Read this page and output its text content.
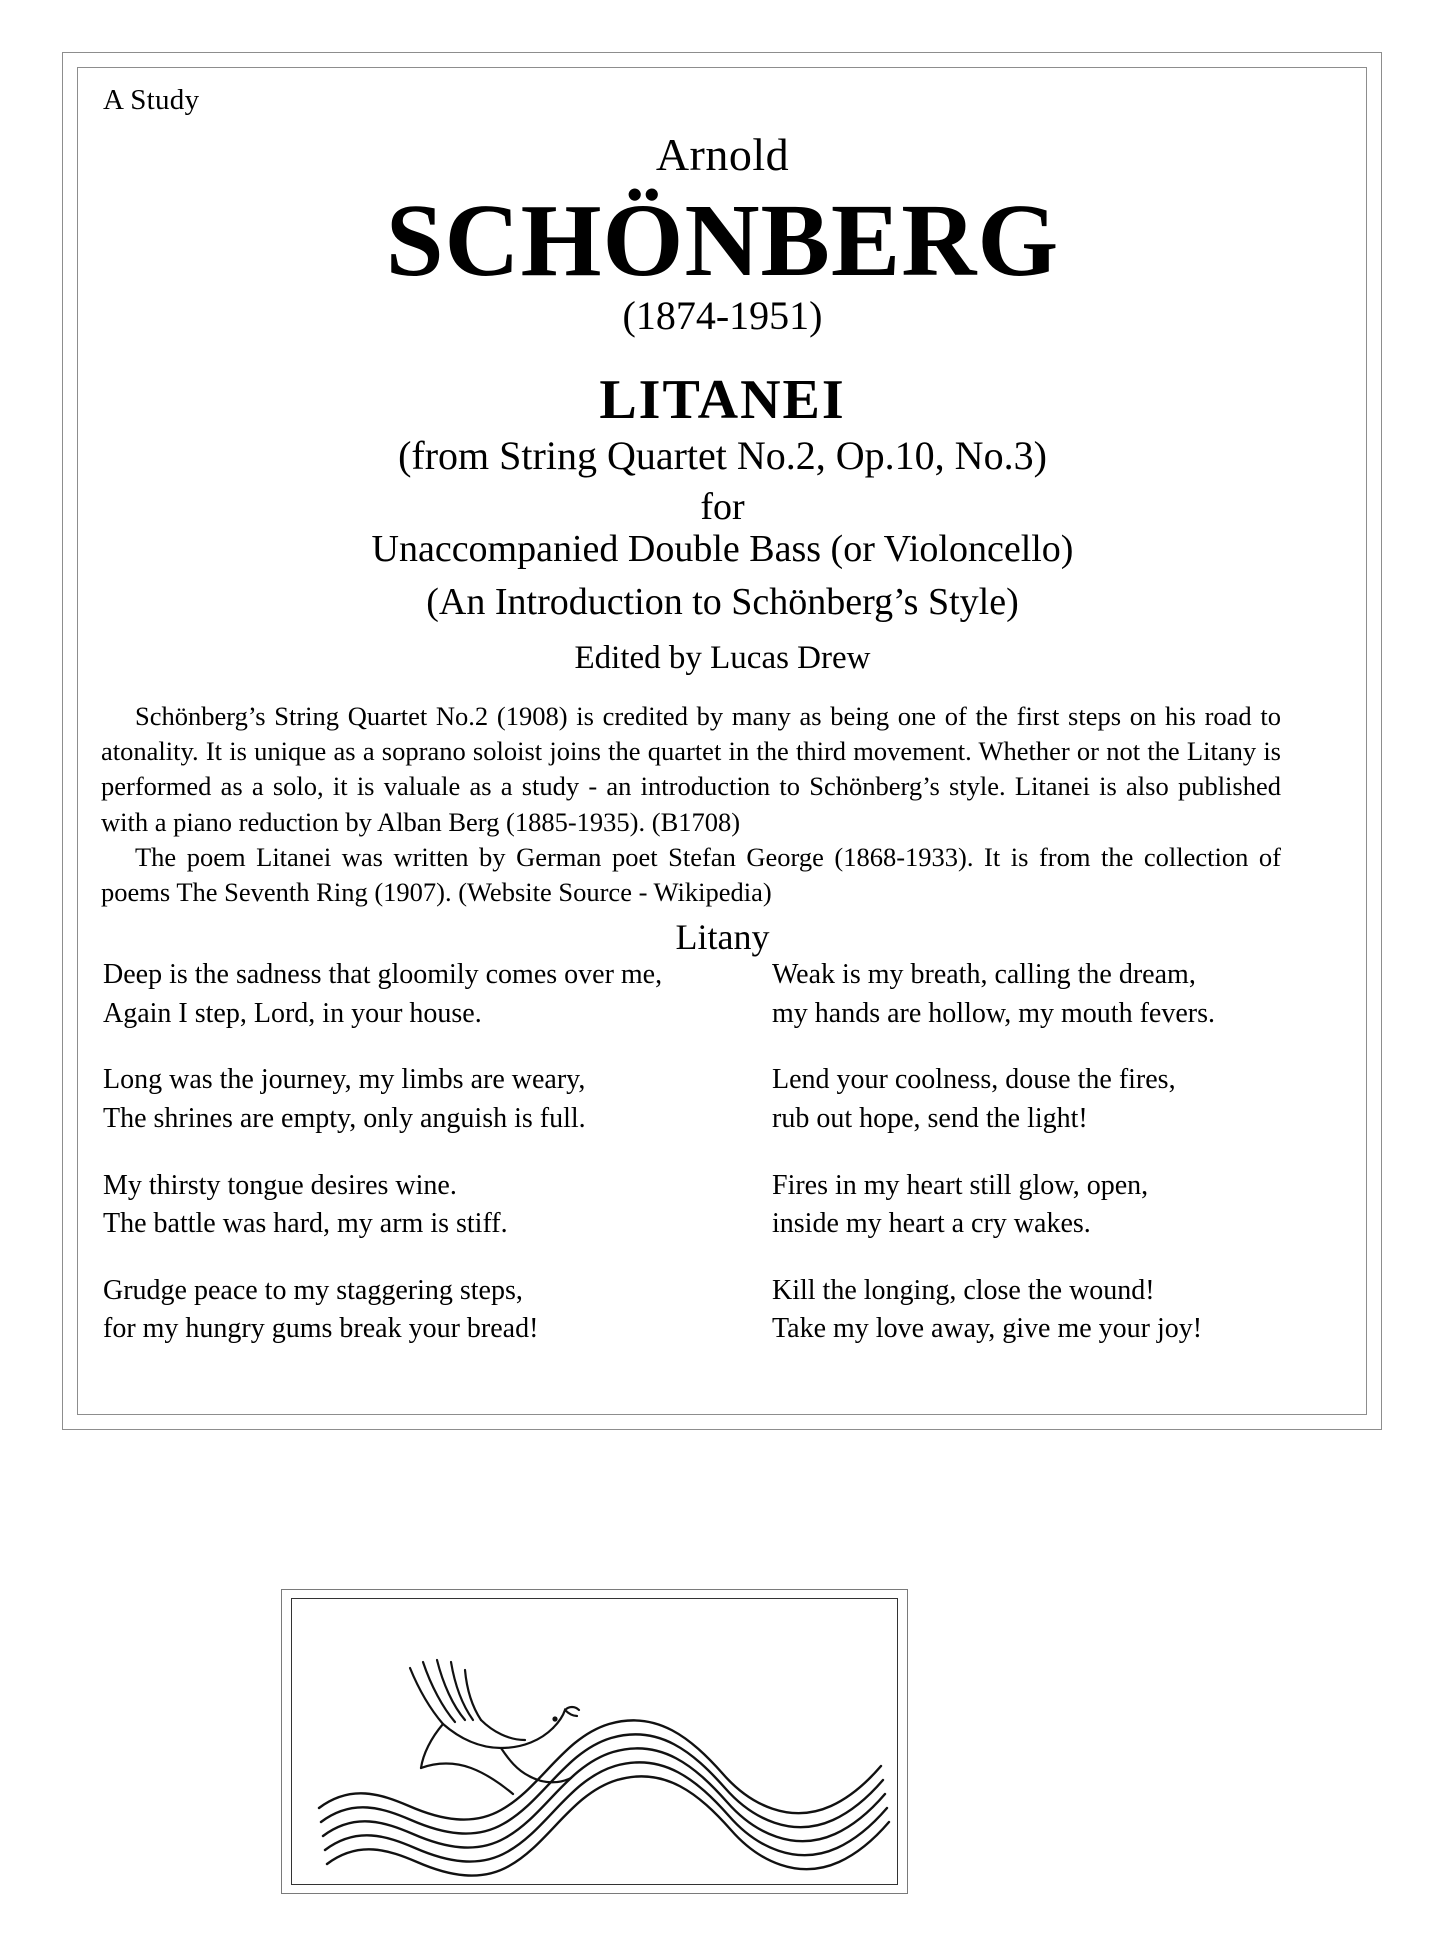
A Study
Arnold
SCHÖNBERG
(1874-1951)
LITANEI
(from String Quartet No.2, Op.10, No.3)
for
Unaccompanied Double Bass (or Violoncello)
(An Introduction to Schönberg’s Style)
Edited by Lucas Drew
Litany

Schönberg’s String Quartet No.2 (1908) is credited by many as being one of the first steps on his road to atonality. It is unique as a soprano soloist joins the quartet in the third movement. Whether or not the Litany is performed as a solo, it is valuale as a study - an introduction to Schönberg’s style. Litanei is also published with a piano reduction by Alban Berg (1885-1935). (B1708)

The poem Litanei was written by German poet Stefan George (1868-1933). It is from the collection of poems The Seventh Ring (1907). (Website Source - Wikipedia)

Deep is the sadness that gloomily comes over me,
Again I step, Lord, in your house.
Long was the journey, my limbs are weary,
The shrines are empty, only anguish is full.
My thirsty tongue desires wine.
The battle was hard, my arm is stiff.
Grudge peace to my staggering steps,
for my hungry gums break your bread!
Weak is my breath, calling the dream,
my hands are hollow, my mouth fevers.
Lend your coolness, douse the fires,
rub out hope, send the light!
Fires in my heart still glow, open,
inside my heart a cry wakes.
Kill the longing, close the wound!
Take my love away, give me your joy!
